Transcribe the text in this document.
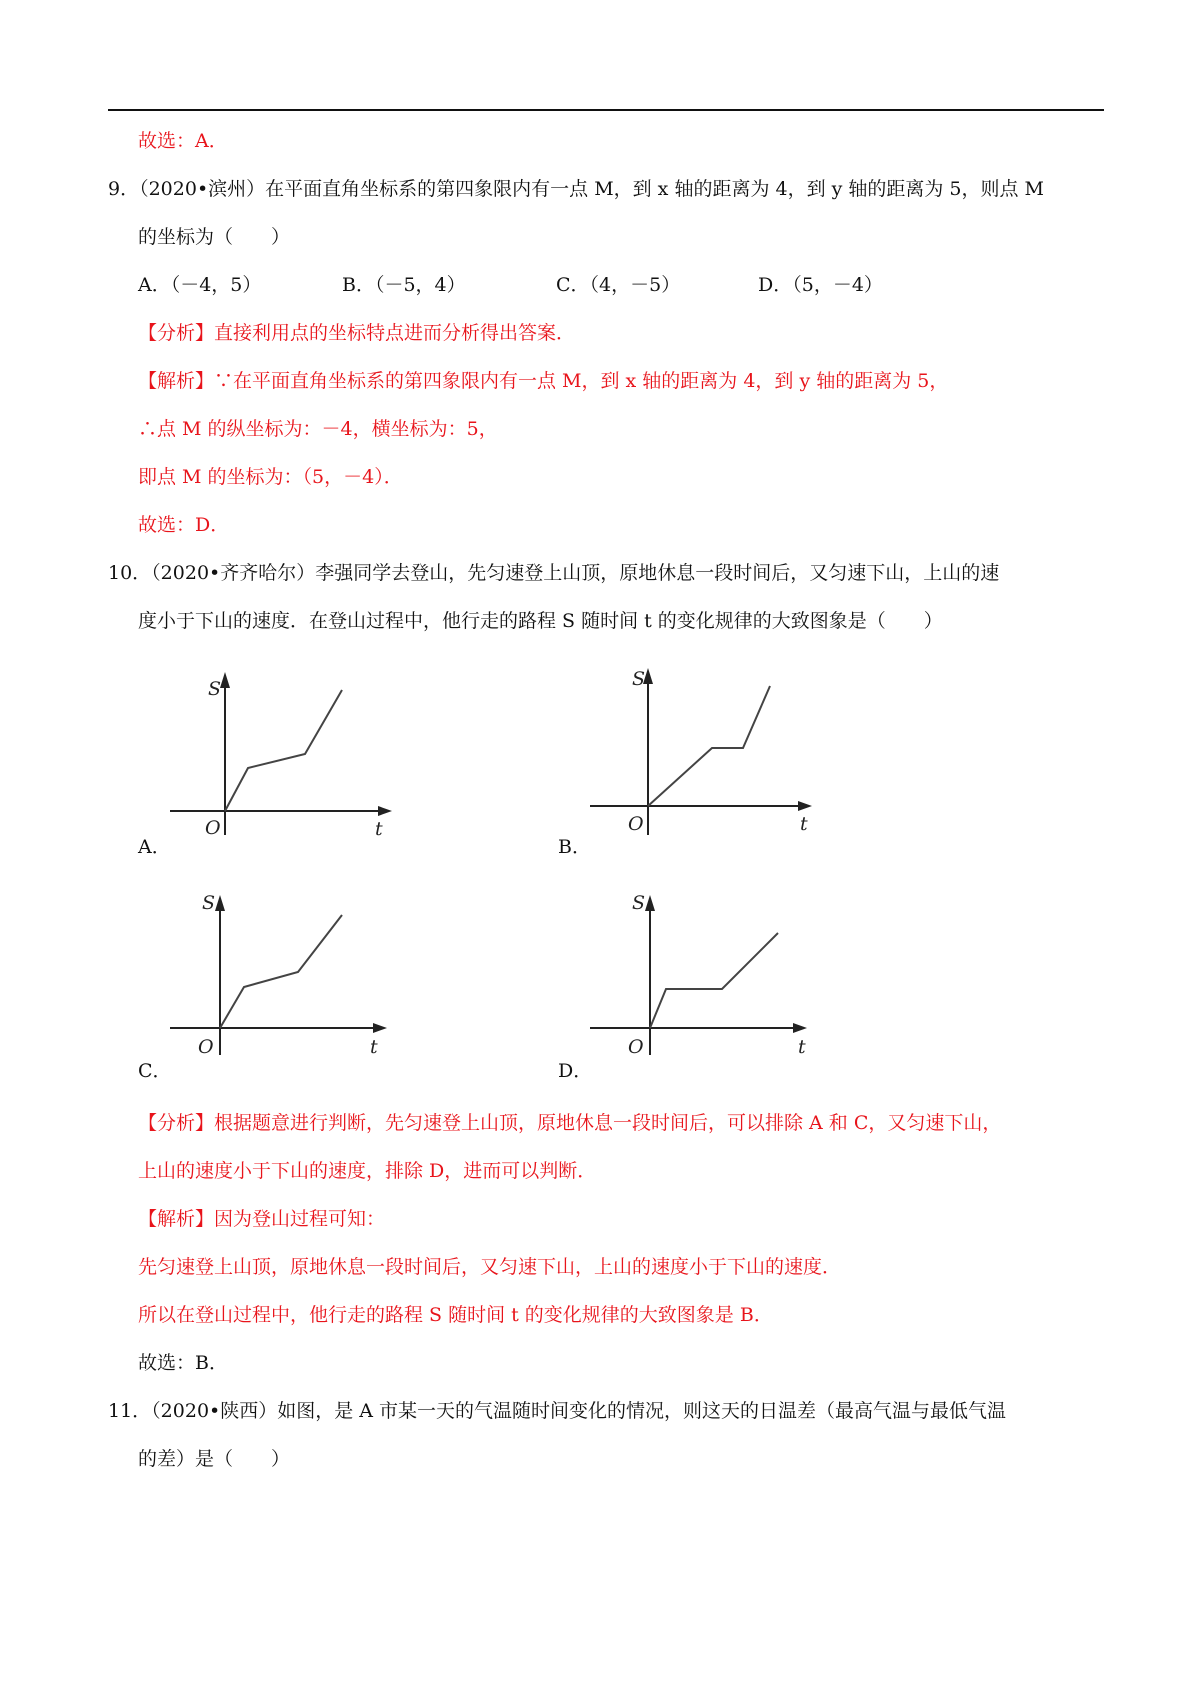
故选：A．
9．（2020•滨州）在平面直角坐标系的第四象限内有一点 M，到 x 轴的距离为 4，到 y 轴的距离为 5，则点 M
的坐标为（　　）
A．（－4，5）	B．（－5，4）	C．（4，－5）	D．（5，－4）
【分析】直接利用点的坐标特点进而分析得出答案．
【解析】∵在平面直角坐标系的第四象限内有一点 M，到 x 轴的距离为 4，到 y 轴的距离为 5，
∴点 M 的纵坐标为：－4，横坐标为：5，
即点 M 的坐标为：（5，－4）．
故选：D．
10．（2020•齐齐哈尔）李强同学去登山，先匀速登上山顶，原地休息一段时间后，又匀速下山，上山的速
度小于下山的速度．在登山过程中，他行走的路程 S 随时间 t 的变化规律的大致图象是（　　）
S
O	t
A．
S
O	t
B．
S
O	t
C．
S
O	t
D．
【分析】根据题意进行判断，先匀速登上山顶，原地休息一段时间后，可以排除 A 和 C，又匀速下山，
上山的速度小于下山的速度，排除 D，进而可以判断．
【解析】因为登山过程可知：
先匀速登上山顶，原地休息一段时间后，又匀速下山，上山的速度小于下山的速度．
所以在登山过程中，他行走的路程 S 随时间 t 的变化规律的大致图象是 B．
故选：B．
11．（2020•陕西）如图，是 A 市某一天的气温随时间变化的情况，则这天的日温差（最高气温与最低气温
的差）是（　　）
